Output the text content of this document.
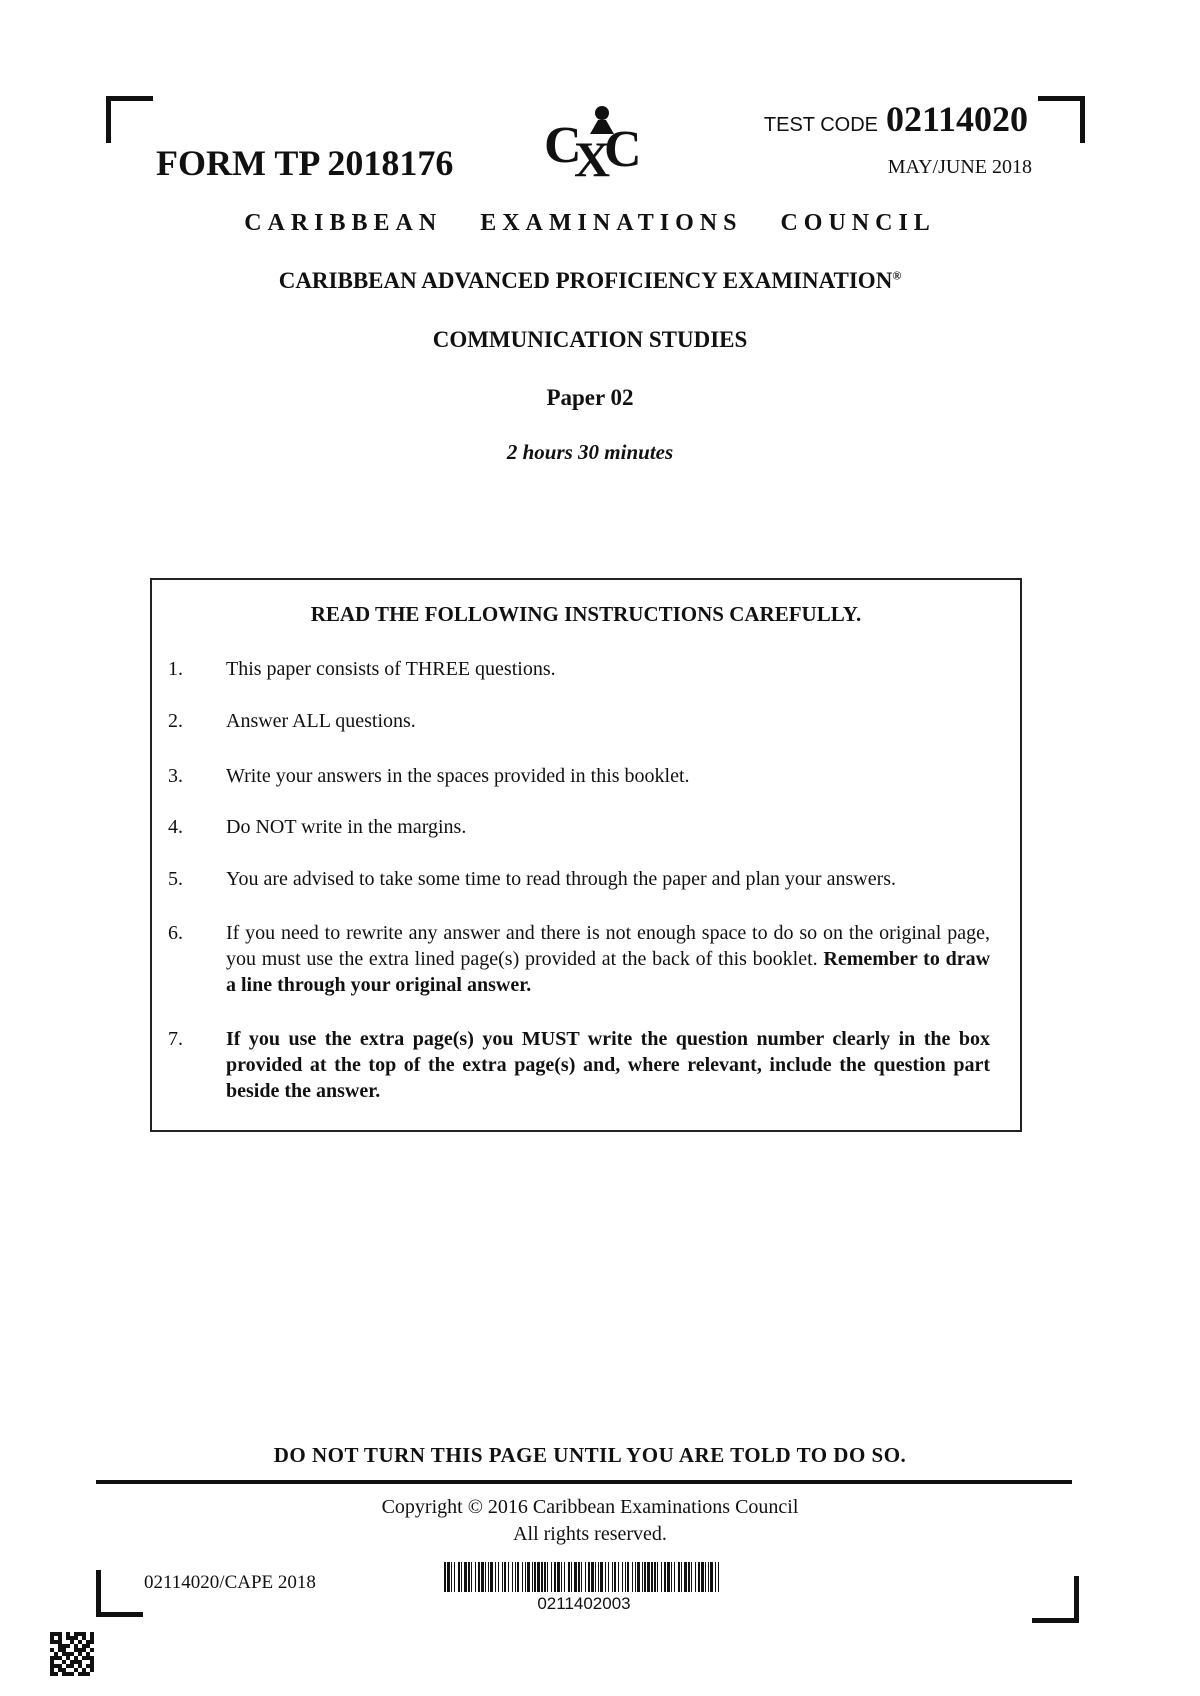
FORM TP 2018176 C
X
C	TEST CODE 02114020
MAY/JUNE 2018
CARIBBEAN EXAMINATIONS COUNCIL
CARIBBEAN ADVANCED PROFICIENCY EXAMINATION®
COMMUNICATION STUDIES
Paper 02
2 hours 30 minutes
READ THE FOLLOWING INSTRUCTIONS CAREFULLY.
1.	This paper consists of THREE questions.
2.	Answer ALL questions.
3.	Write your answers in the spaces provided in this booklet.
4.	Do NOT write in the margins.
5.	You are advised to take some time to read through the paper and plan your answers.
6.	If you need to rewrite any answer and there is not enough space to do so on the original page, you must use the extra lined page(s) provided at the back of this booklet. Remember to draw a line through your original answer.
7.	If you use the extra page(s) you MUST write the question number clearly in the box provided at the top of the extra page(s) and, where relevant, include the question part beside the answer.
DO NOT TURN THIS PAGE UNTIL YOU ARE TOLD TO DO SO.
Copyright © 2016 Caribbean Examinations Council
All rights reserved.
02114020/CAPE 2018
0211402003
